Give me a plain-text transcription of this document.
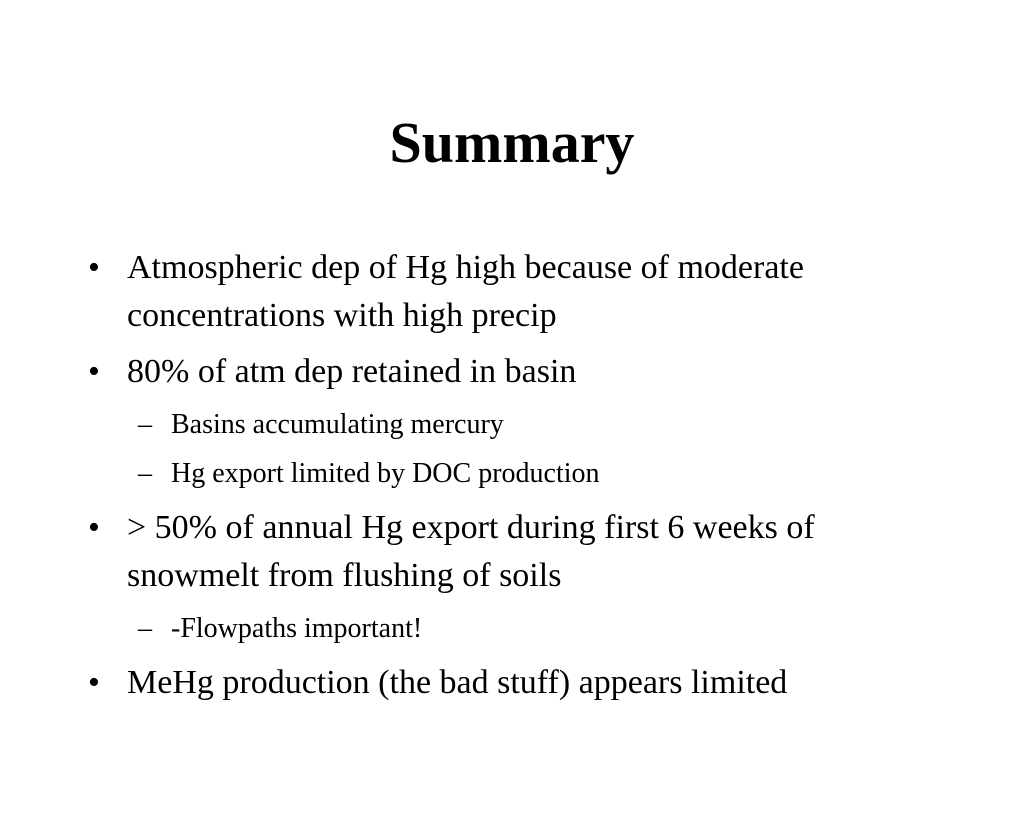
Summary
• Atmospheric dep of Hg high because of moderate concentrations with high precip
• 80% of atm dep retained in basin
– Basins accumulating mercury
– Hg export limited by DOC production
• > 50% of annual Hg export during first 6 weeks of snowmelt from flushing of soils
– -Flowpaths important!
• MeHg production (the bad stuff) appears limited
